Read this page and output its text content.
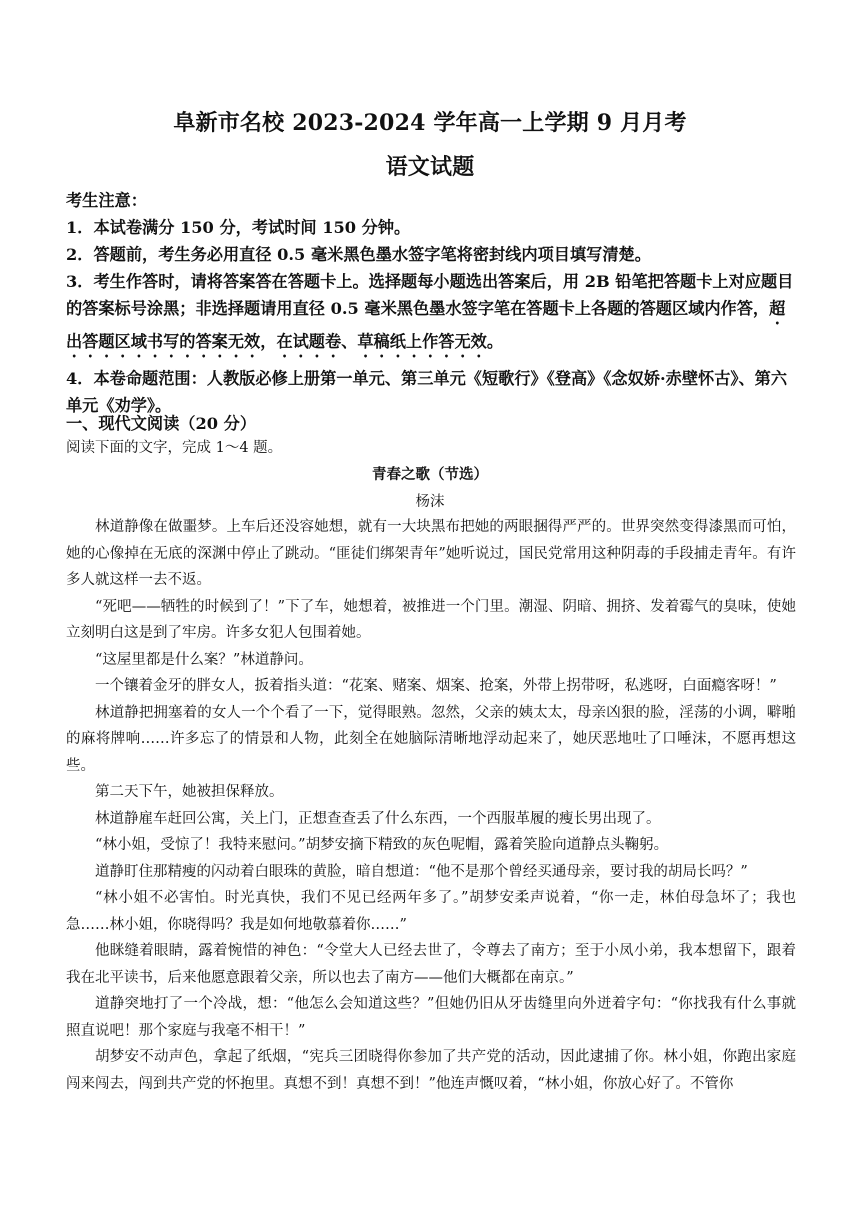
阜新市名校 2023-2024 学年高一上学期 9 月月考
语文试题

考生注意：

1．本试卷满分 150 分，考试时间 150 分钟。

2．答题前，考生务必用直径 0.5 毫米黑色墨水签字笔将密封线内项目填写清楚。

3．考生作答时，请将答案答在答题卡上。选择题每小题选出答案后，用 2B 铅笔把答题卡上对应题目的答案标号涂黑；非选择题请用直径 0.5 毫米黑色墨水签字笔在答题卡上各题的答题区域内作答，超出答题区域书写的答案无效，在试题卷、草稿纸上作答无效。

4．本卷命题范围：人教版必修上册第一单元、第三单元《短歌行》《登高》《念奴娇·赤壁怀古》、第六单元《劝学》。

一、现代文阅读（20 分）
阅读下面的文字，完成 1～4 题。
青春之歌（节选）
杨沫

林道静像在做噩梦。上车后还没容她想，就有一大块黑布把她的两眼捆得严严的。世界突然变得漆黑而可怕，她的心像掉在无底的深渊中停止了跳动。“匪徒们绑架青年”她听说过，国民党常用这种阴毒的手段捕走青年。有许多人就这样一去不返。

“死吧——牺牲的时候到了！”下了车，她想着，被推进一个门里。潮湿、阴暗、拥挤、发着霉气的臭味，使她立刻明白这是到了牢房。许多女犯人包围着她。

“这屋里都是什么案？”林道静问。

一个镶着金牙的胖女人，扳着指头道：“花案、赌案、烟案、抢案，外带上拐带呀，私逃呀，白面瘾客呀！”

林道静把拥塞着的女人一个个看了一下，觉得眼熟。忽然，父亲的姨太太，母亲凶狠的脸，淫荡的小调，噼啪的麻将牌响……许多忘了的情景和人物，此刻全在她脑际清晰地浮动起来了，她厌恶地吐了口唾沫，不愿再想这些。

第二天下午，她被担保释放。

林道静雇车赶回公寓，关上门，正想查查丢了什么东西，一个西服革履的瘦长男出现了。

“林小姐，受惊了！我特来慰问。”胡梦安摘下精致的灰色呢帽，露着笑脸向道静点头鞠躬。

道静盯住那精瘦的闪动着白眼珠的黄脸，暗自想道：“他不是那个曾经买通母亲，要讨我的胡局长吗？”

“林小姐不必害怕。时光真快，我们不见已经两年多了。”胡梦安柔声说着，“你一走，林伯母急坏了；我也急……林小姐，你晓得吗？我是如何地敬慕着你……”

他眯缝着眼睛，露着惋惜的神色：“令堂大人已经去世了，令尊去了南方；至于小凤小弟，我本想留下，跟着我在北平读书，后来他愿意跟着父亲，所以也去了南方——他们大概都在南京。”

道静突地打了一个冷战，想：“他怎么会知道这些？”但她仍旧从牙齿缝里向外迸着字句：“你找我有什么事就照直说吧！那个家庭与我毫不相干！”

胡梦安不动声色，拿起了纸烟，“宪兵三团晓得你参加了共产党的活动，因此逮捕了你。林小姐，你跑出家庭闯来闯去，闯到共产党的怀抱里。真想不到！真想不到！”他连声慨叹着，“林小姐，你放心好了。不管你
